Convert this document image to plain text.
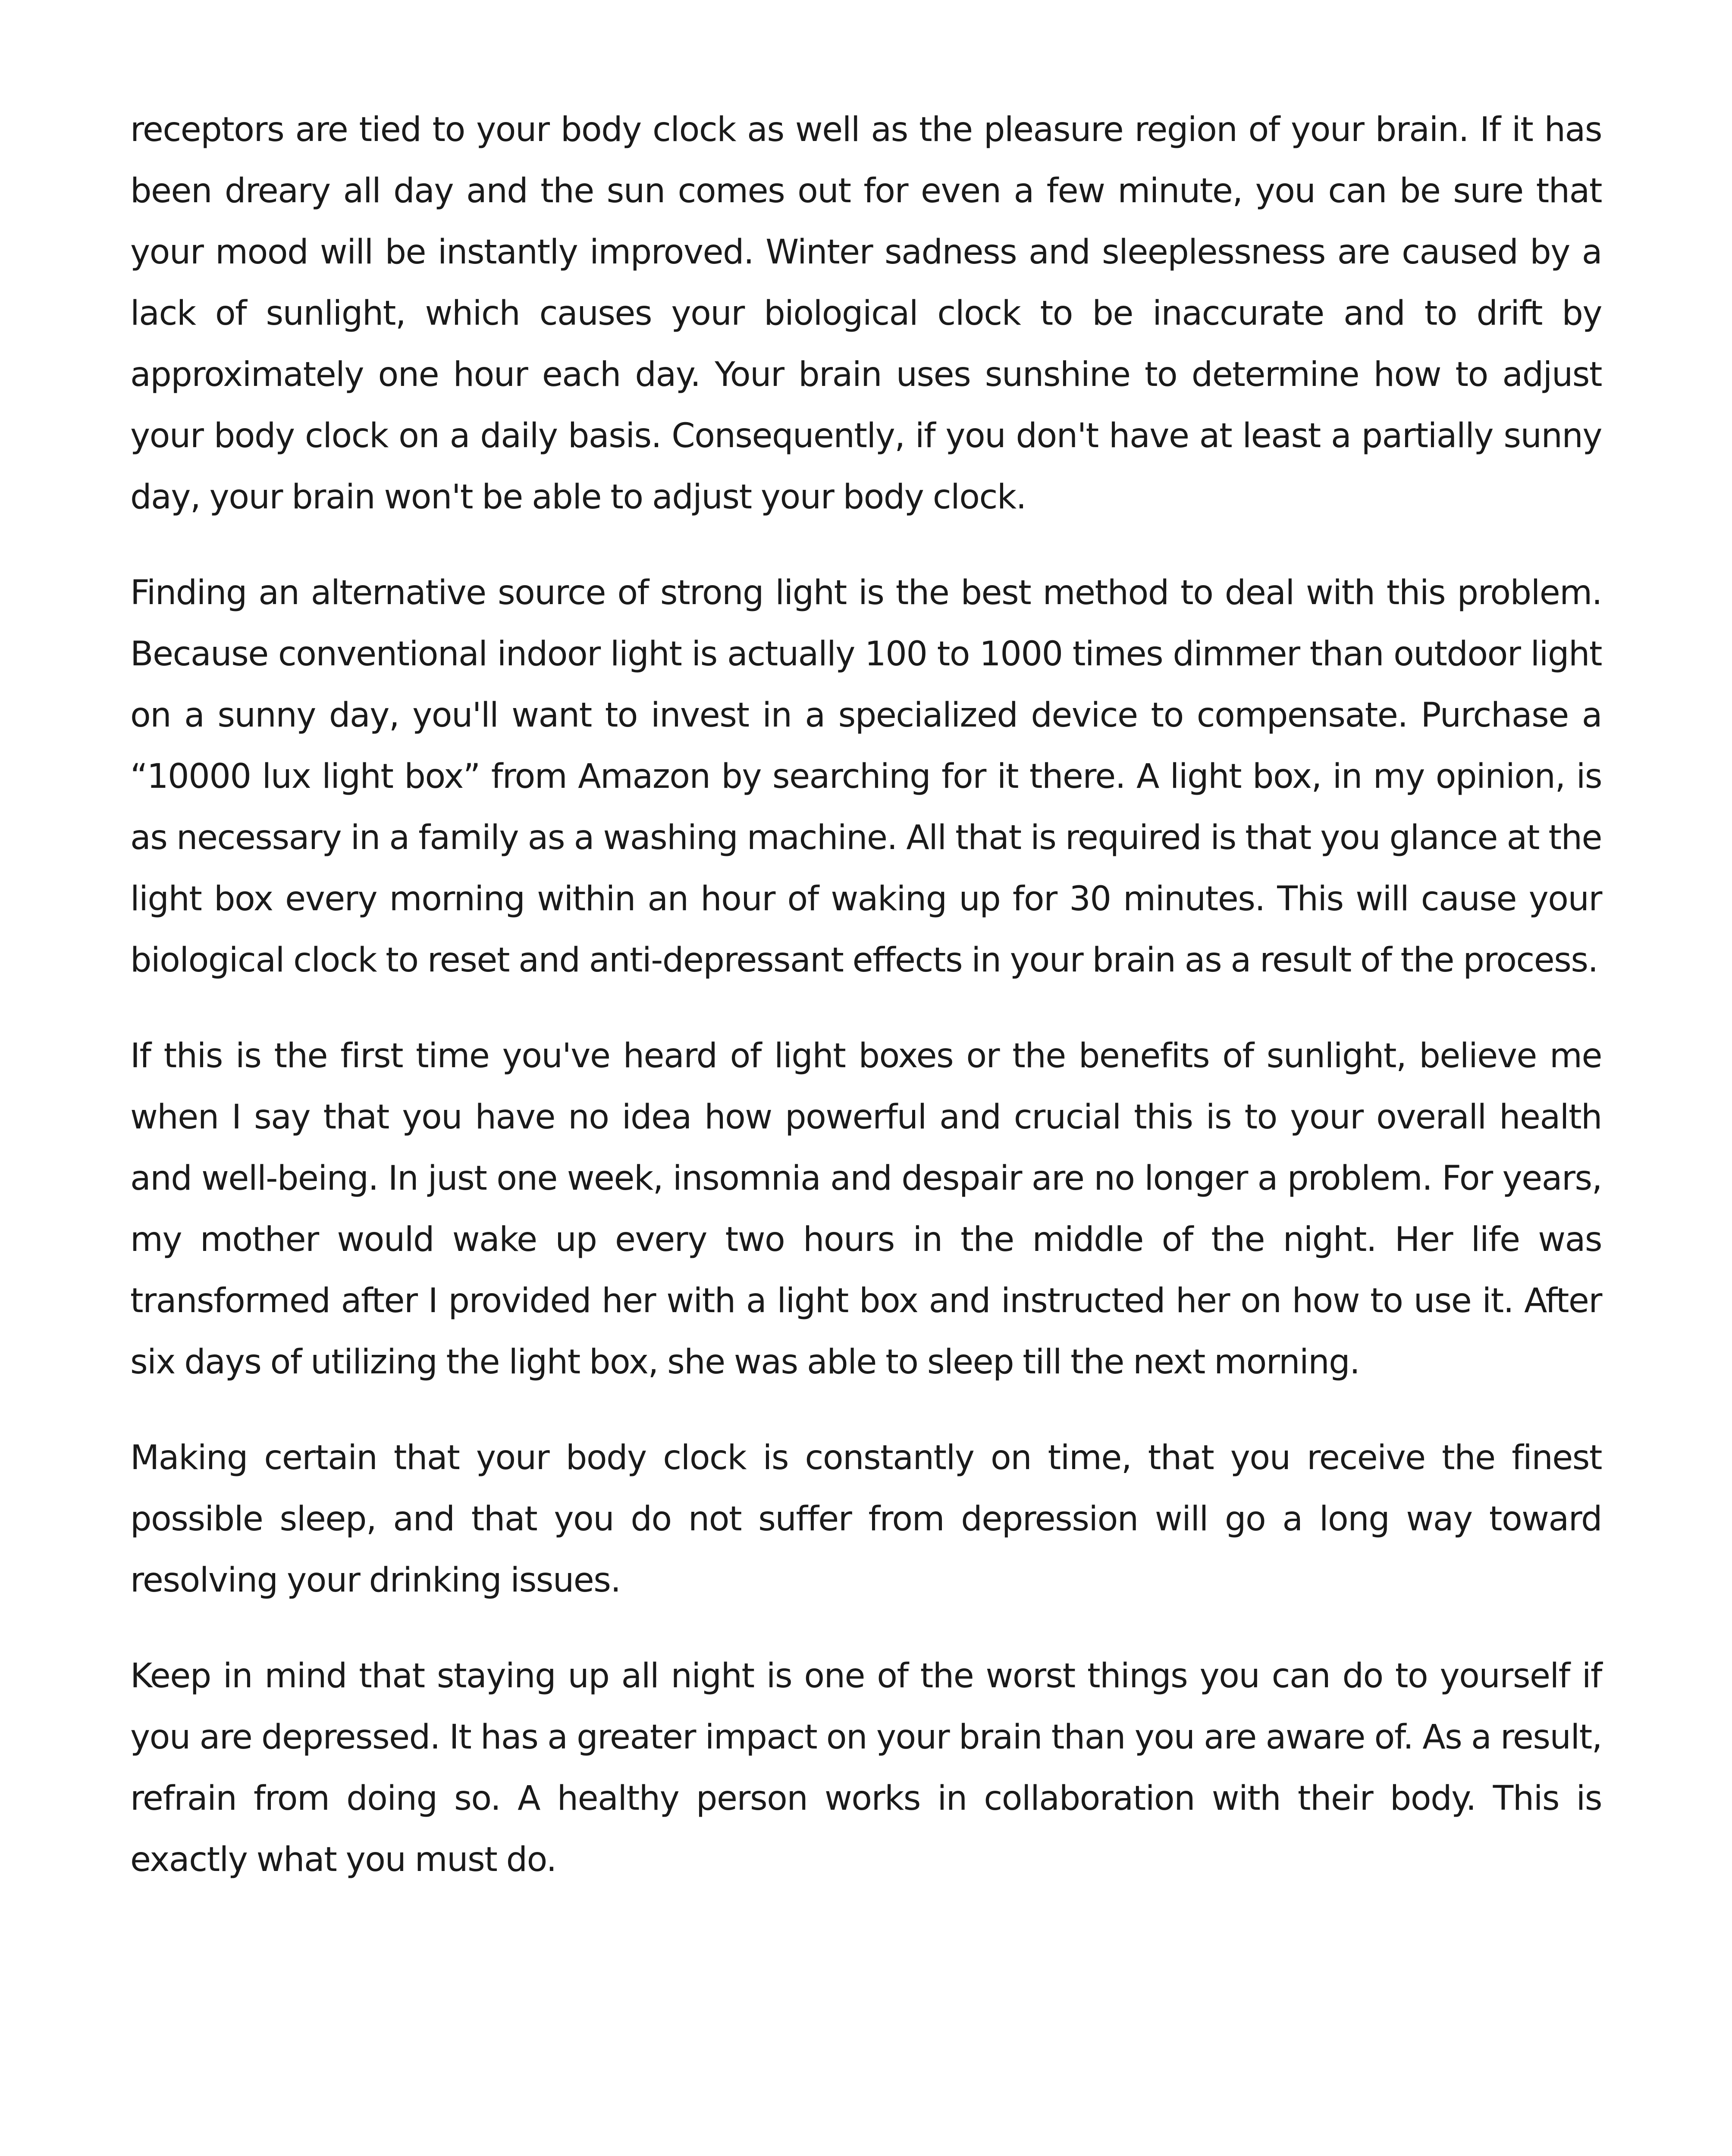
receptors are tied to your body clock as well as the pleasure region of your brain. If it has been dreary all day and the sun comes out for even a few minute, you can be sure that your mood will be instantly improved. Winter sadness and sleeplessness are caused by a lack of sunlight, which causes your biological clock to be inaccurate and to drift by approximately one hour each day. Your brain uses sunshine to determine how to adjust your body clock on a daily basis. Consequently, if you don't have at least a partially sunny day, your brain won't be able to adjust your body clock.

Finding an alternative source of strong light is the best method to deal with this problem. Because conventional indoor light is actually 100 to 1000 times dimmer than outdoor light on a sunny day, you'll want to invest in a specialized device to compensate. Purchase a “10000 lux light box” from Amazon by searching for it there. A light box, in my opinion, is as necessary in a family as a washing machine. All that is required is that you glance at the light box every morning within an hour of waking up for 30 minutes. This will cause your biological clock to reset and anti-depressant effects in your brain as a result of the process.

If this is the first time you've heard of light boxes or the benefits of sunlight, believe me when I say that you have no idea how powerful and crucial this is to your overall health and well-being. In just one week, insomnia and despair are no longer a problem. For years, my mother would wake up every two hours in the middle of the night. Her life was transformed after I provided her with a light box and instructed her on how to use it. After six days of utilizing the light box, she was able to sleep till the next morning.

Making certain that your body clock is constantly on time, that you receive the finest possible sleep, and that you do not suffer from depression will go a long way toward resolving your drinking issues.

Keep in mind that staying up all night is one of the worst things you can do to yourself if you are depressed. It has a greater impact on your brain than you are aware of. As a result, refrain from doing so. A healthy person works in collaboration with their body. This is exactly what you must do.
